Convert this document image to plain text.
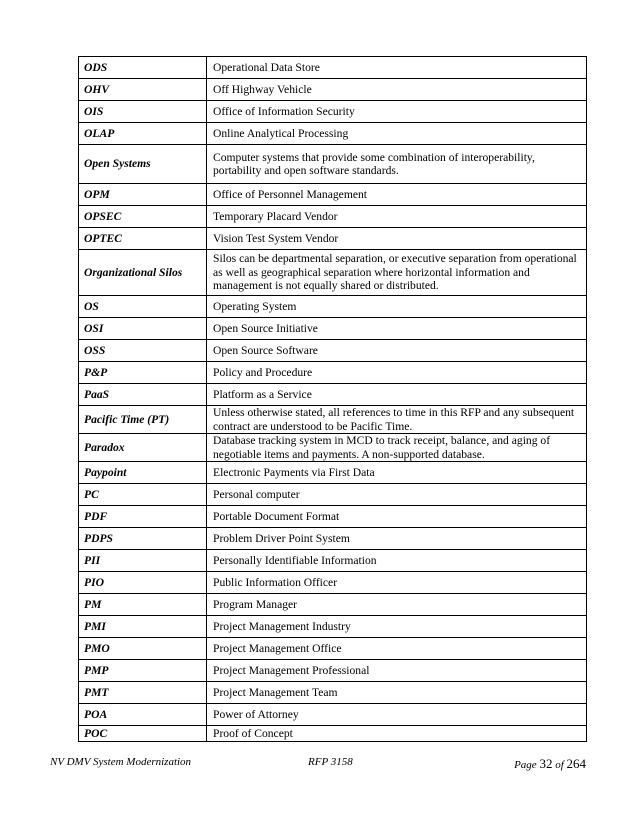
ODS	Operational Data Store
OHV	Off Highway Vehicle
OIS	Office of Information Security
OLAP	Online Analytical Processing
Open Systems	Computer systems that provide some combination of interoperability, portability and open software standards.
OPM	Office of Personnel Management
OPSEC	Temporary Placard Vendor
OPTEC	Vision Test System Vendor
Organizational Silos	Silos can be departmental separation, or executive separation from operational as well as geographical separation where horizontal information and management is not equally shared or distributed.
OS	Operating System
OSI	Open Source Initiative
OSS	Open Source Software
P&P	Policy and Procedure
PaaS	Platform as a Service
Pacific Time (PT)	Unless otherwise stated, all references to time in this RFP and any subsequent contract are understood to be Pacific Time.
Paradox	Database tracking system in MCD to track receipt, balance, and aging of negotiable items and payments. A non-supported database.
Paypoint	Electronic Payments via First Data
PC	Personal computer
PDF	Portable Document Format
PDPS	Problem Driver Point System
PII	Personally Identifiable Information
PIO	Public Information Officer
PM	Program Manager
PMI	Project Management Industry
PMO	Project Management Office
PMP	Project Management Professional
PMT	Project Management Team
POA	Power of Attorney
POC	Proof of Concept
NV DMV System Modernization	RFP 3158	Page 32 of 264
